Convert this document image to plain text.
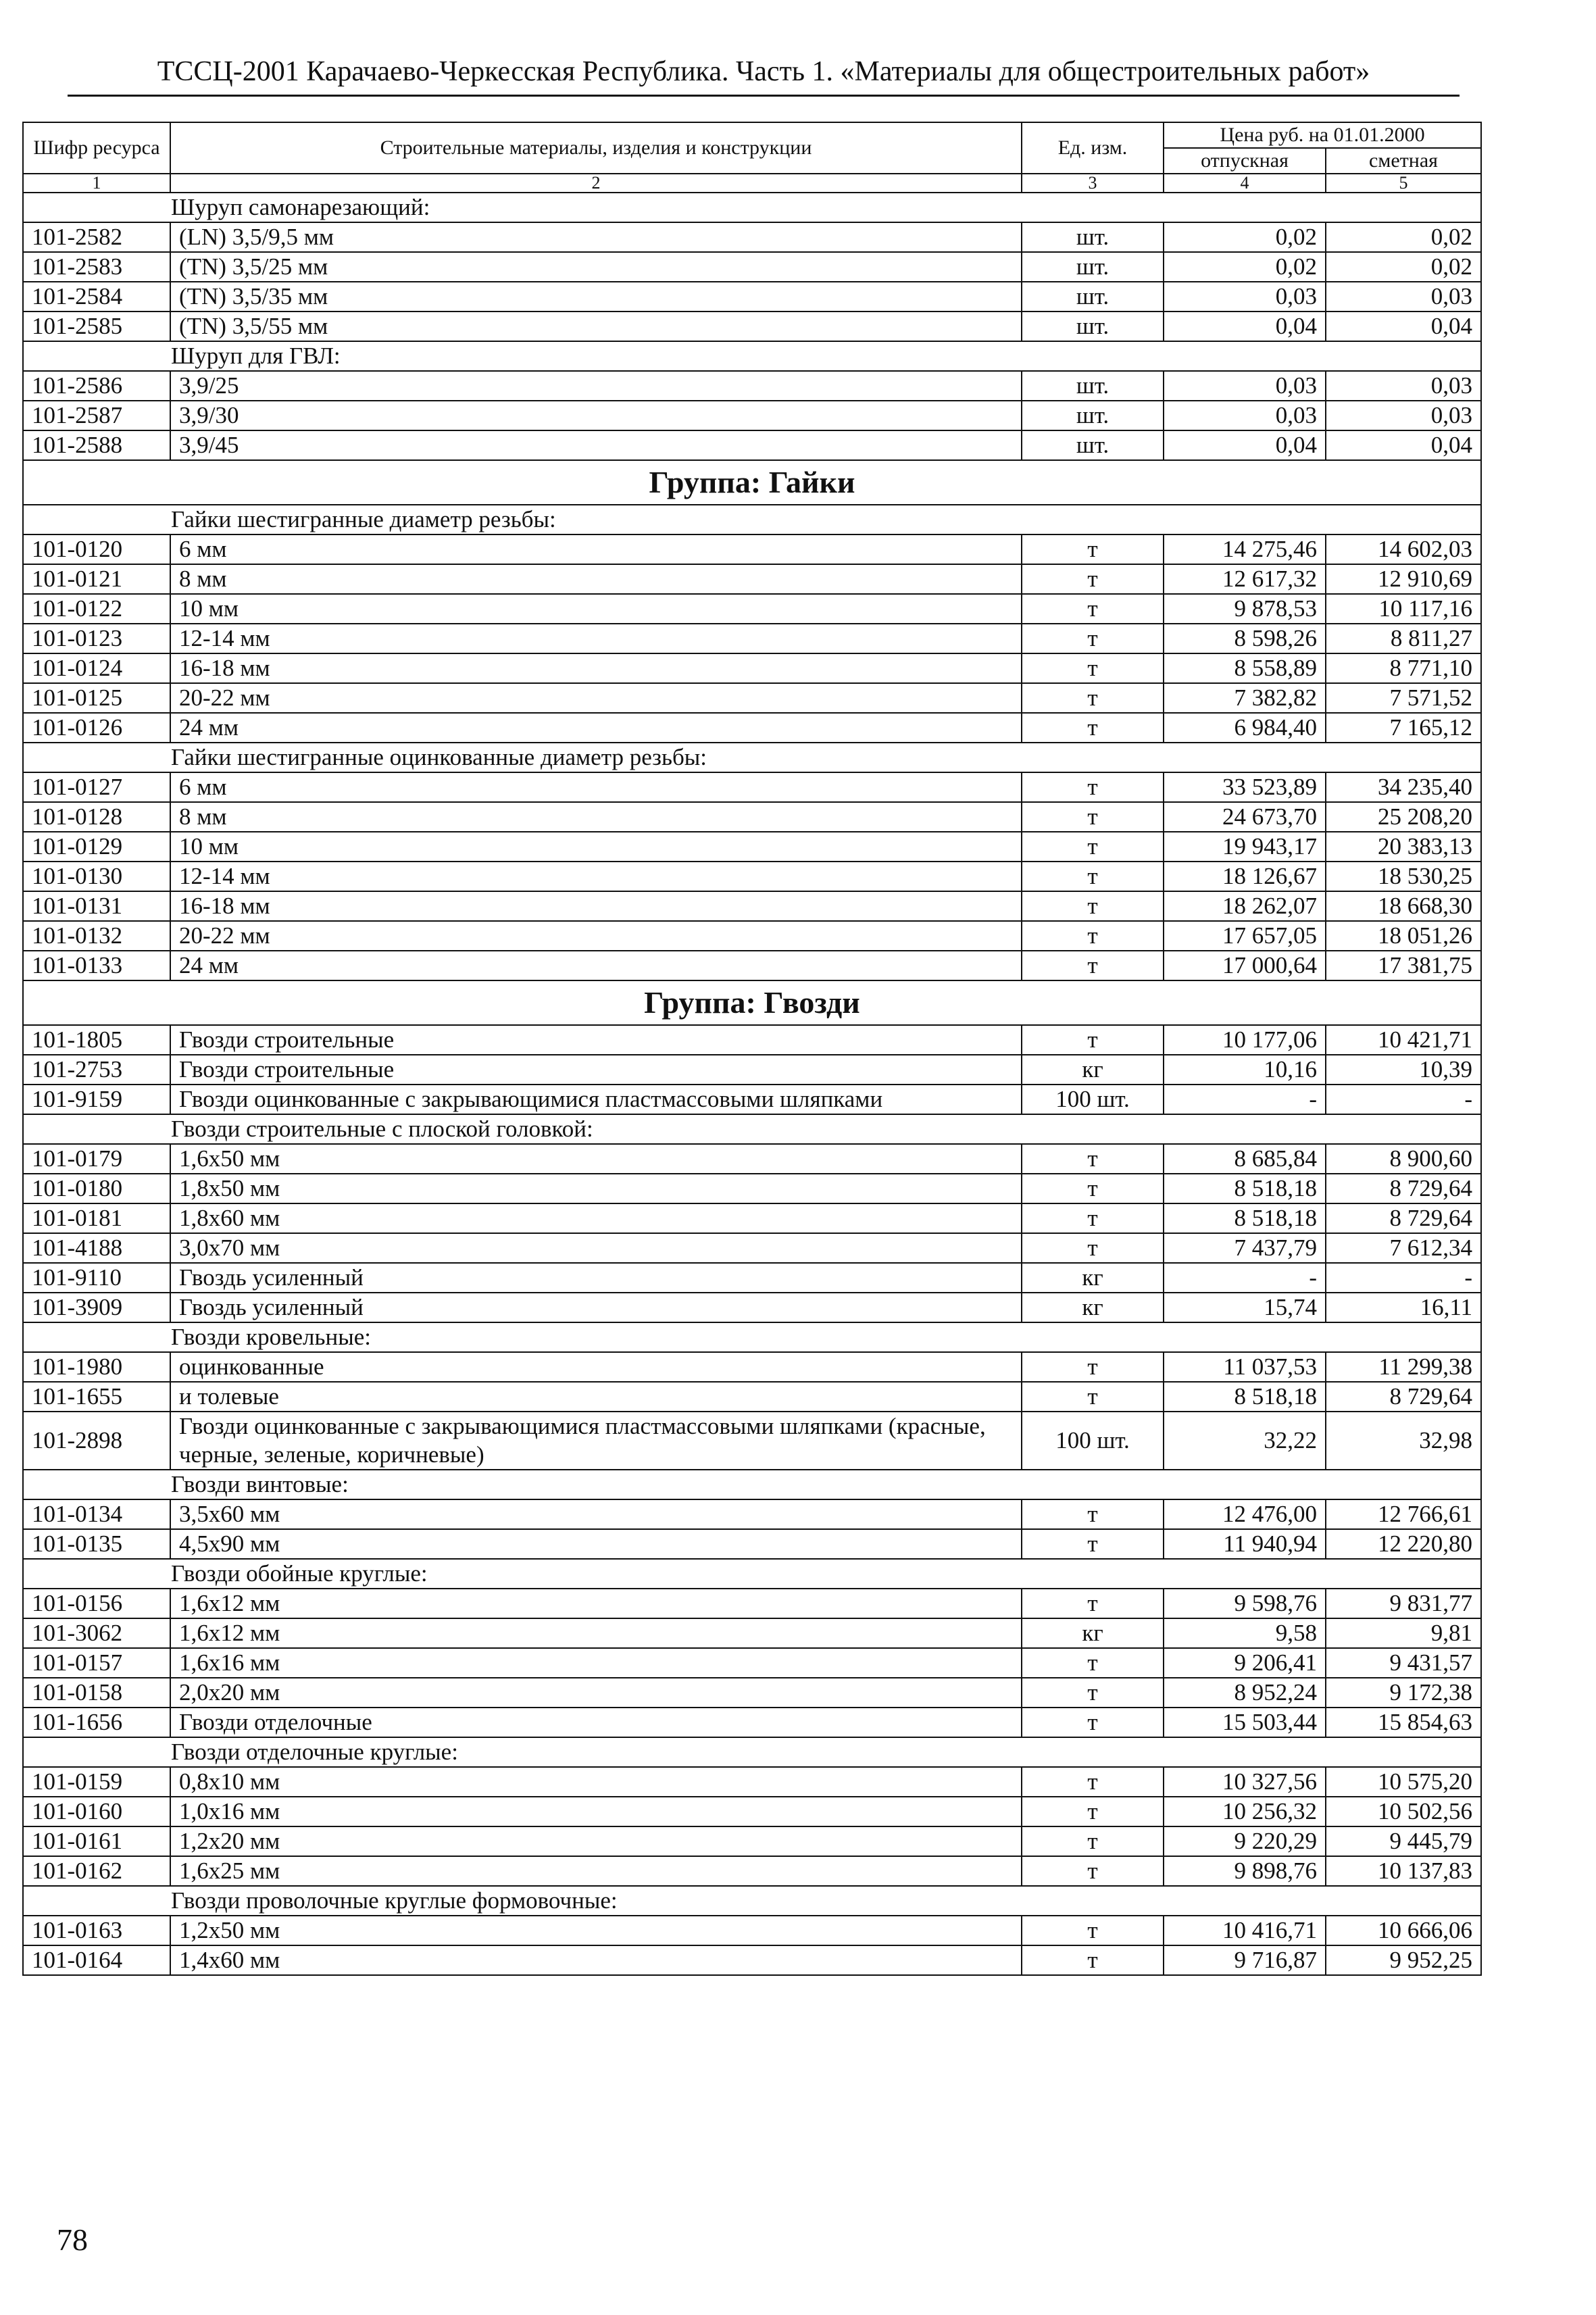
ТССЦ-2001 Карачаево-Черкесская Республика. Часть 1. «Материалы для общестроительных работ»
Шифр ресурса	Строительные материалы, изделия и конструкции	Ед. изм.	Цена руб. на 01.01.2000	
			отпускная	сметная
1	2	3	4	5
Шуруп самонарезающий:				
101-2582	(LN) 3,5/9,5 мм	шт.	0,02	0,02
101-2583	(TN) 3,5/25 мм	шт.	0,02	0,02
101-2584	(TN) 3,5/35 мм	шт.	0,03	0,03
101-2585	(TN) 3,5/55 мм	шт.	0,04	0,04
Шуруп для ГВЛ:				
101-2586	3,9/25	шт.	0,03	0,03
101-2587	3,9/30	шт.	0,03	0,03
101-2588	3,9/45	шт.	0,04	0,04
Группа: Гайки				
Гайки шестигранные диаметр резьбы:				
101-0120	6 мм	т	14 275,46	14 602,03
101-0121	8 мм	т	12 617,32	12 910,69
101-0122	10 мм	т	9 878,53	10 117,16
101-0123	12-14 мм	т	8 598,26	8 811,27
101-0124	16-18 мм	т	8 558,89	8 771,10
101-0125	20-22 мм	т	7 382,82	7 571,52
101-0126	24 мм	т	6 984,40	7 165,12
Гайки шестигранные оцинкованные диаметр резьбы:				
101-0127	6 мм	т	33 523,89	34 235,40
101-0128	8 мм	т	24 673,70	25 208,20
101-0129	10 мм	т	19 943,17	20 383,13
101-0130	12-14 мм	т	18 126,67	18 530,25
101-0131	16-18 мм	т	18 262,07	18 668,30
101-0132	20-22 мм	т	17 657,05	18 051,26
101-0133	24 мм	т	17 000,64	17 381,75
Группа: Гвозди				
101-1805	Гвозди строительные	т	10 177,06	10 421,71
101-2753	Гвозди строительные	кг	10,16	10,39
101-9159	Гвозди оцинкованные с закрывающимися пластмассовыми шляпками	100 шт.	-	-
Гвозди строительные с плоской головкой:				
101-0179	1,6х50 мм	т	8 685,84	8 900,60
101-0180	1,8х50 мм	т	8 518,18	8 729,64
101-0181	1,8х60 мм	т	8 518,18	8 729,64
101-4188	3,0х70 мм	т	7 437,79	7 612,34
101-9110	Гвоздь усиленный	кг	-	-
101-3909	Гвоздь усиленный	кг	15,74	16,11
Гвозди кровельные:				
101-1980	оцинкованные	т	11 037,53	11 299,38
101-1655	и толевые	т	8 518,18	8 729,64
101-2898	Гвозди оцинкованные с закрывающимися пластмассовыми шляпками (красные, черные, зеленые, коричневые)	100 шт.	32,22	32,98
Гвозди винтовые:				
101-0134	3,5х60 мм	т	12 476,00	12 766,61
101-0135	4,5х90 мм	т	11 940,94	12 220,80
Гвозди обойные круглые:				
101-0156	1,6х12 мм	т	9 598,76	9 831,77
101-3062	1,6х12 мм	кг	9,58	9,81
101-0157	1,6х16 мм	т	9 206,41	9 431,57
101-0158	2,0х20 мм	т	8 952,24	9 172,38
101-1656	Гвозди отделочные	т	15 503,44	15 854,63
Гвозди отделочные круглые:				
101-0159	0,8х10 мм	т	10 327,56	10 575,20
101-0160	1,0х16 мм	т	10 256,32	10 502,56
101-0161	1,2х20 мм	т	9 220,29	9 445,79
101-0162	1,6х25 мм	т	9 898,76	10 137,83
Гвозди проволочные круглые формовочные:				
101-0163	1,2х50 мм	т	10 416,71	10 666,06
101-0164	1,4х60 мм	т	9 716,87	9 952,25
78
